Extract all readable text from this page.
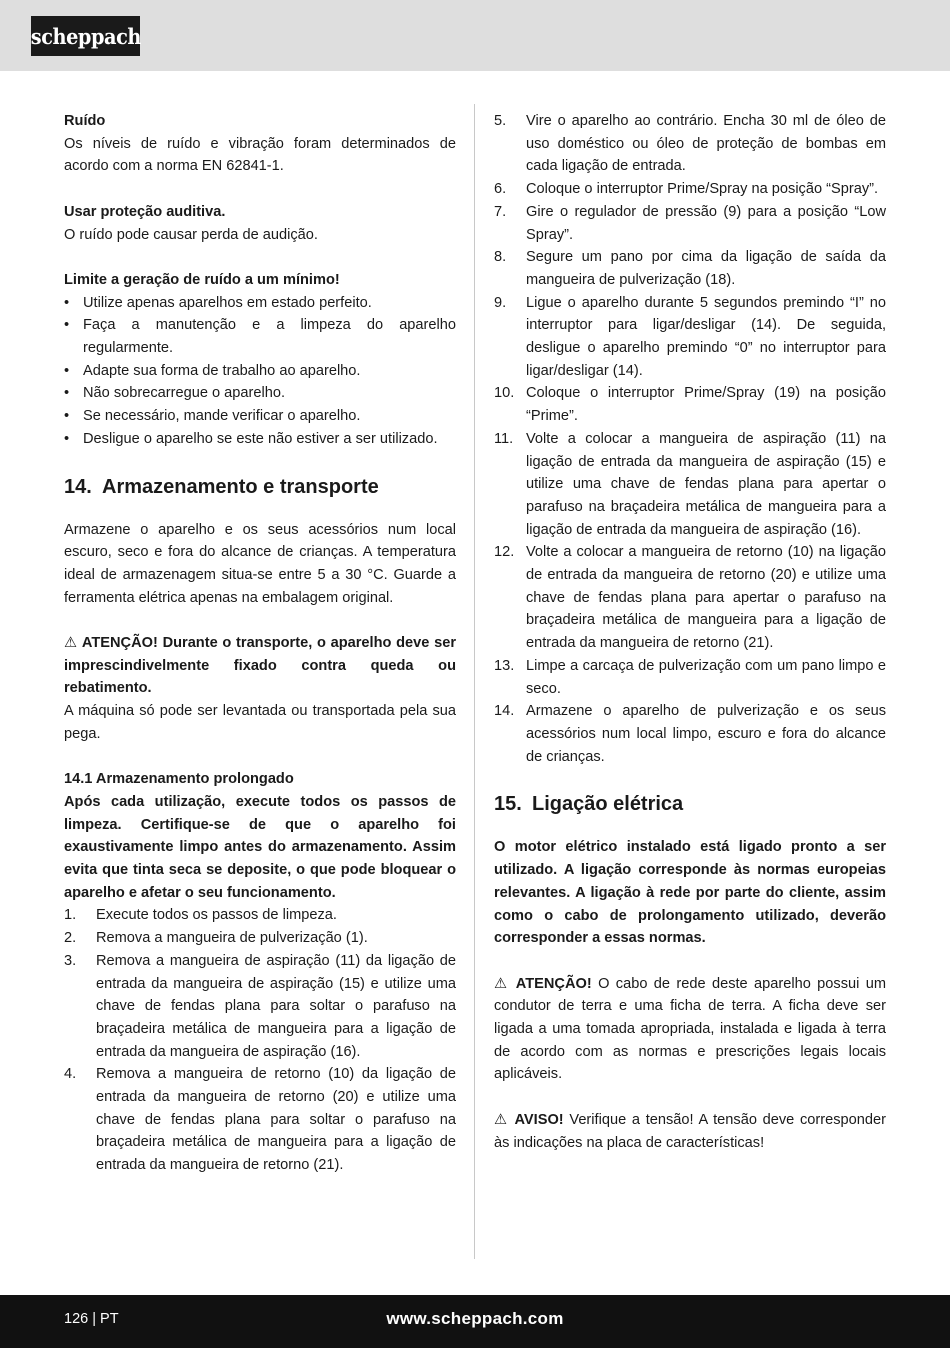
scheppach

Ruído

Os níveis de ruído e vibração foram determinados de acordo com a norma EN 62841-1.

Usar proteção auditiva.

O ruído pode causar perda de audição.

Limite a geração de ruído a um mínimo!

• Utilize apenas aparelhos em estado perfeito.

• Faça a manutenção e a limpeza do aparelho regularmente.

• Adapte sua forma de trabalho ao aparelho.

• Não sobrecarregue o aparelho.

• Se necessário, mande verificar o aparelho.

• Desligue o aparelho se este não estiver a ser utilizado.

14. Armazenamento e transporte

Armazene o aparelho e os seus acessórios num local escuro, seco e fora do alcance de crianças. A temperatura ideal de armazenagem situa-se entre 5 a 30 °C. Guarde a ferramenta elétrica apenas na embalagem original.

⚠ ATENÇÃO! Durante o transporte, o aparelho deve ser imprescindivelmente fixado contra queda ou rebatimento.

A máquina só pode ser levantada ou transportada pela sua pega.

14.1 Armazenamento prolongado

Após cada utilização, execute todos os passos de limpeza. Certifique-se de que o aparelho foi exaustivamente limpo antes do armazenamento. Assim evita que tinta seca se deposite, o que pode bloquear o aparelho e afetar o seu funcionamento.

1. Execute todos os passos de limpeza.

2. Remova a mangueira de pulverização (1).

3. Remova a mangueira de aspiração (11) da ligação de entrada da mangueira de aspiração (15) e utilize uma chave de fendas plana para soltar o parafuso na braçadeira metálica de mangueira para a ligação de entrada da mangueira de aspiração (16).

4. Remova a mangueira de retorno (10) da ligação de entrada da mangueira de retorno (20) e utilize uma chave de fendas plana para soltar o parafuso na braçadeira metálica de mangueira para a ligação de entrada da mangueira de retorno (21).

5. Vire o aparelho ao contrário. Encha 30 ml de óleo de uso doméstico ou óleo de proteção de bombas em cada ligação de entrada.

6. Coloque o interruptor Prime/Spray na posição “Spray”.

7. Gire o regulador de pressão (9) para a posição “Low Spray”.

8. Segure um pano por cima da ligação de saída da mangueira de pulverização (18).

9. Ligue o aparelho durante 5 segundos premindo “I” no interruptor para ligar/desligar (14). De seguida, desligue o aparelho premindo “0” no interruptor para ligar/desligar (14).

10. Coloque o interruptor Prime/Spray (19) na posição “Prime”.

11. Volte a colocar a mangueira de aspiração (11) na ligação de entrada da mangueira de aspiração (15) e utilize uma chave de fendas plana para apertar o parafuso na braçadeira metálica de mangueira para a ligação de entrada da mangueira de aspiração (16).

12. Volte a colocar a mangueira de retorno (10) na ligação de entrada da mangueira de retorno (20) e utilize uma chave de fendas plana para apertar o parafuso na braçadeira metálica de mangueira para a ligação de entrada da mangueira de retorno (21).

13. Limpe a carcaça de pulverização com um pano limpo e seco.

14. Armazene o aparelho de pulverização e os seus acessórios num local limpo, escuro e fora do alcance de crianças.

15. Ligação elétrica

O motor elétrico instalado está ligado pronto a ser utilizado. A ligação corresponde às normas europeias relevantes. A ligação à rede por parte do cliente, assim como o cabo de prolongamento utilizado, deverão corresponder a essas normas.

⚠ ATENÇÃO! O cabo de rede deste aparelho possui um condutor de terra e uma ficha de terra. A ficha deve ser ligada a uma tomada apropriada, instalada e ligada à terra de acordo com as normas e prescrições legais locais aplicáveis.

⚠ AVISO! Verifique a tensão! A tensão deve corresponder às indicações na placa de características!

126 | PT	www.scheppach.com
